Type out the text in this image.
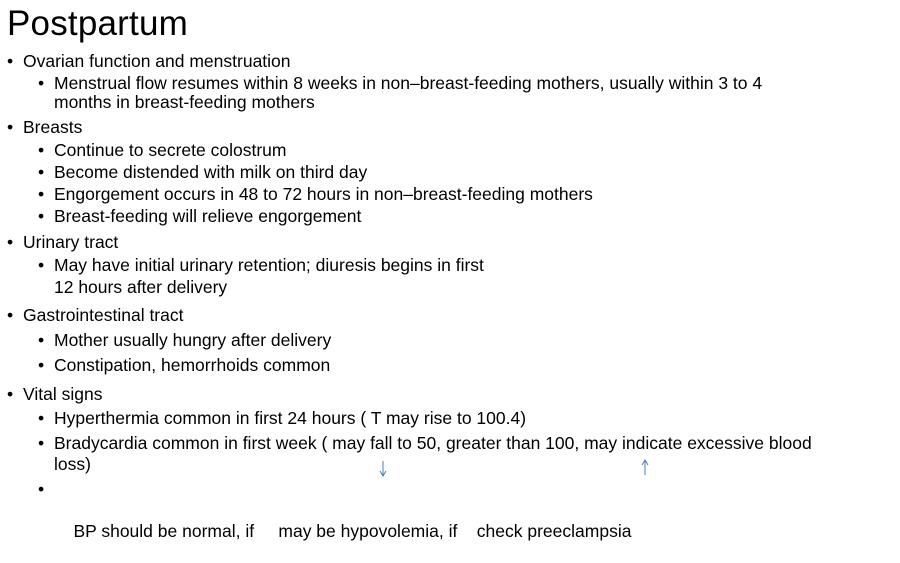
Postpartum
• Ovarian function and menstruation
• Menstrual flow resumes within 8 weeks in non–breast-feeding mothers, usually within 3 to 4
months in breast-feeding mothers
• Breasts
• Continue to secrete colostrum
• Become distended with milk on third day
• Engorgement occurs in 48 to 72 hours in non–breast-feeding mothers
• Breast-feeding will relieve engorgement
• Urinary tract
• May have initial urinary retention; diuresis begins in first
12 hours after delivery
• Gastrointestinal tract
• Mother usually hungry after delivery
• Constipation, hemorrhoids common
• Vital signs
• Hyperthermia common in first 24 hours ( T may rise to 100.4)
• Bradycardia common in first week ( may fall to 50, greater than 100, may indicate excessive blood
loss)

•

BP should be normal, if     may be hypovolemia, if    check preeclampsia
